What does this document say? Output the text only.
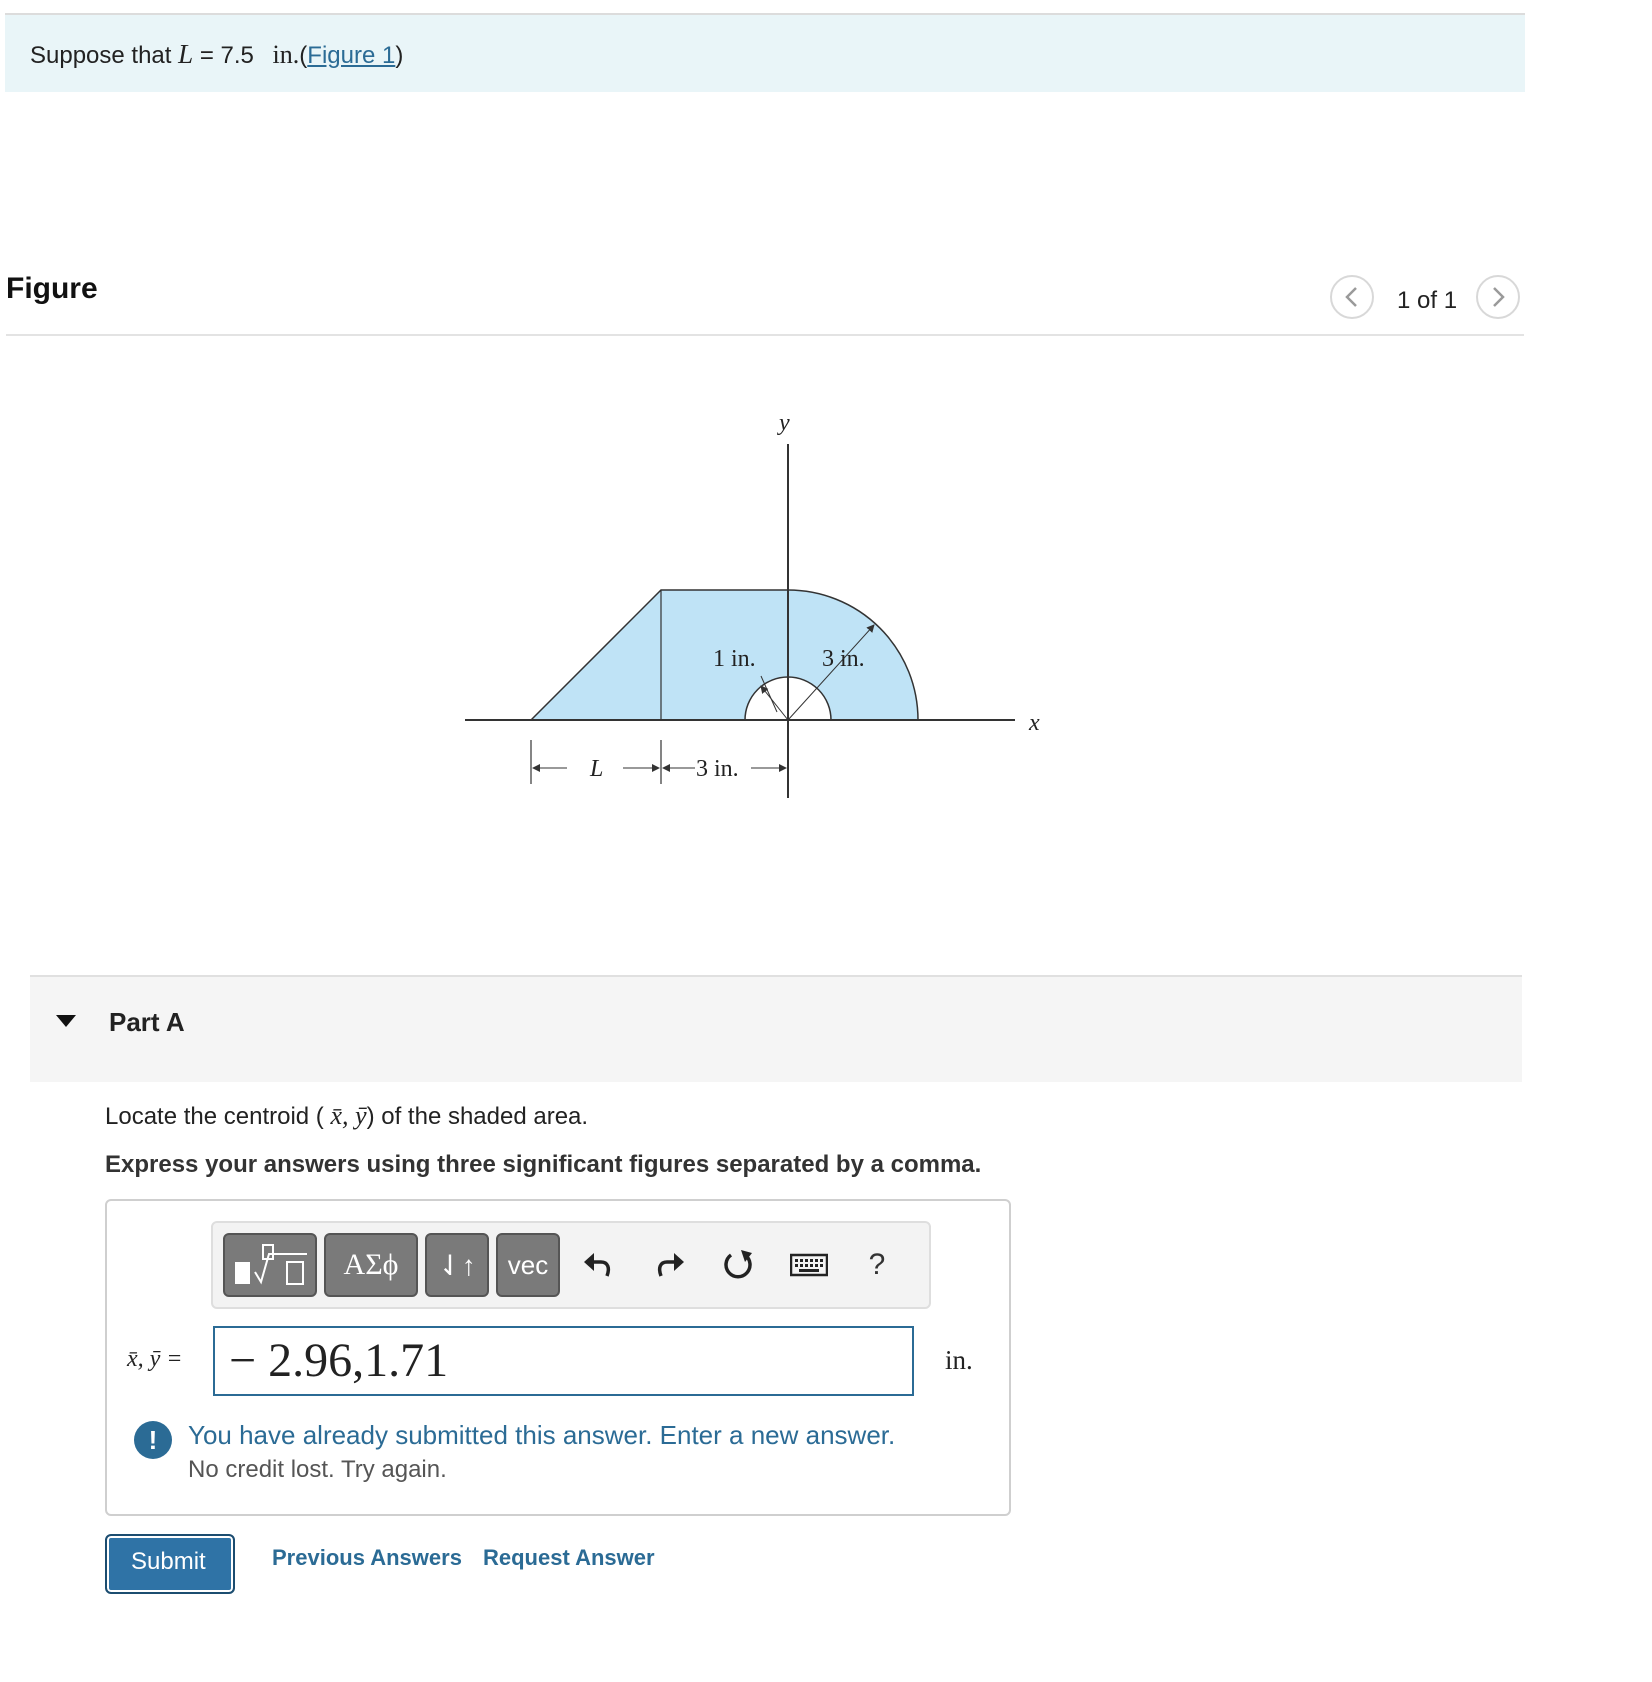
Suppose that L = 7.5 in.(Figure 1)
Figure	1 of 1
y
x
1 in.	3 in.
L	3 in.
Part A
Locate the centroid ( x̄, ȳ) of the shaded area.
Express your answers using three significant figures separated by a comma.
ΑΣϕ	⇃↑	vec	?
x̄, ȳ = − 2.96,1.71	in.
!	You have already submitted this answer. Enter a new answer.
No credit lost. Try again.
Submit	Previous Answers Request Answer
